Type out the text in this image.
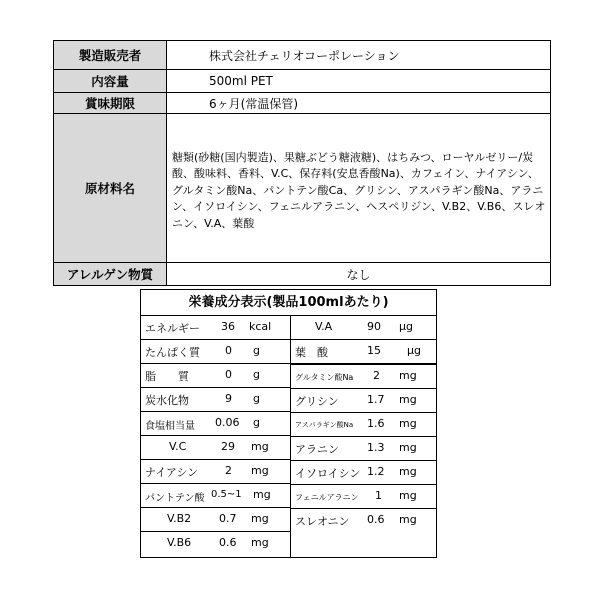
製造販売者	株式会社チェリオコーポレーション
内容量	500ml PET
賞味期限	6ヶ月(常温保管)
原材料名	糖類(砂糖(国内製造)、果糖ぶどう糖液糖)、はちみつ、ローヤルゼリー/炭酸、酸味料、香料、V.C、保存料(安息香酸Na)、カフェイン、ナイアシン、グルタミン酸Na、パントテン酸Ca、グリシン、アスパラギン酸Na、アラニン、イソロイシン、フェニルアラニン、ヘスペリジン、V.B2、V.B6、スレオニン、V.A、葉酸
アレルゲン物質	なし
栄養成分表示(製品100mlあたり)
エネルギー 36 kcal
たんぱく質 0 g
脂　　質	0 g
炭水化物	9 g
食塩相当量 0.06 g
V.C	29 mg
ナイアシン 2 mg
パントテン酸 0.5~1 mg
V.B2	0.7 mg
V.B6	0.6 mg
V.A	90 μg
葉　酸	15 μg
グルタミン酸Na 2 mg
グリシン	1.7 mg
アスパラギン酸Na 1.6 mg
アラニン	1.3 mg
イソロイシン 1.2 mg
フェニルアラニン 1 mg
スレオニン 0.6 mg
